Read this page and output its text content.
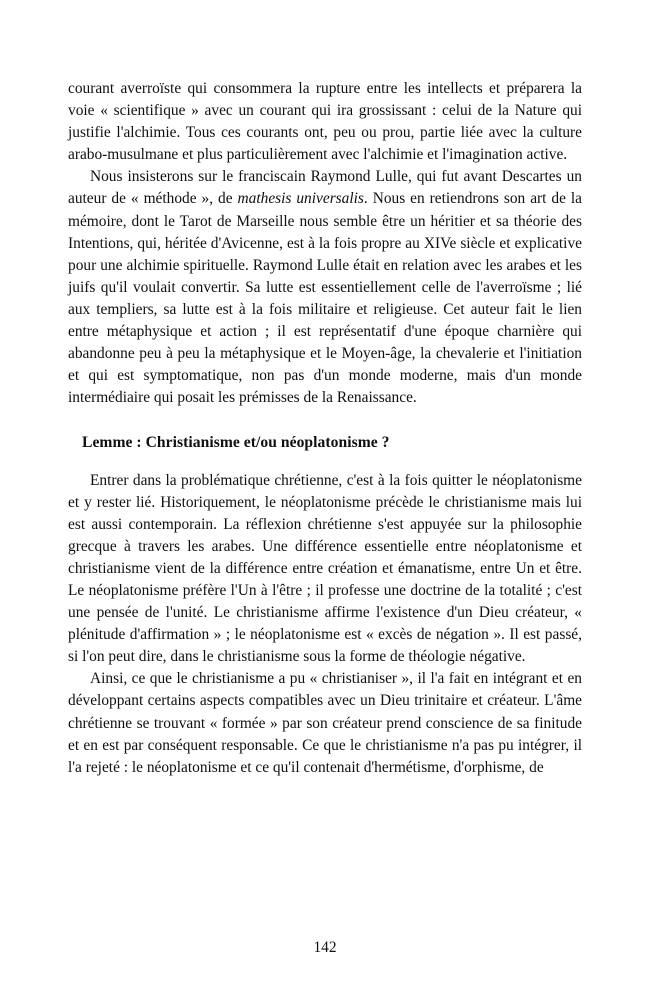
courant averroïste qui consommera la rupture entre les intellects et préparera la voie « scientifique » avec un courant qui ira grossissant : celui de la Nature qui justifie l'alchimie. Tous ces courants ont, peu ou prou, partie liée avec la culture arabo-musulmane et plus particulièrement avec l'alchimie et l'imagination active.

Nous insisterons sur le franciscain Raymond Lulle, qui fut avant Descartes un auteur de « méthode », de mathesis universalis. Nous en retiendrons son art de la mémoire, dont le Tarot de Marseille nous semble être un héritier et sa théorie des Intentions, qui, héritée d'Avicenne, est à la fois propre au XIVe siècle et explicative pour une alchimie spirituelle. Raymond Lulle était en relation avec les arabes et les juifs qu'il voulait convertir. Sa lutte est essentiellement celle de l'averroïsme ; lié aux templiers, sa lutte est à la fois militaire et religieuse. Cet auteur fait le lien entre métaphysique et action ; il est représentatif d'une époque charnière qui abandonne peu à peu la métaphysique et le Moyen-âge, la chevalerie et l'initiation et qui est symptomatique, non pas d'un monde moderne, mais d'un monde intermédiaire qui posait les prémisses de la Renaissance.

Lemme : Christianisme et/ou néoplatonisme ?

Entrer dans la problématique chrétienne, c'est à la fois quitter le néoplatonisme et y rester lié. Historiquement, le néoplatonisme précède le christianisme mais lui est aussi contemporain. La réflexion chrétienne s'est appuyée sur la philosophie grecque à travers les arabes. Une différence essentielle entre néoplatonisme et christianisme vient de la différence entre création et émanatisme, entre Un et être. Le néoplatonisme préfère l'Un à l'être ; il professe une doctrine de la totalité ; c'est une pensée de l'unité. Le christianisme affirme l'existence d'un Dieu créateur, « plénitude d'affirmation » ; le néoplatonisme est « excès de négation ». Il est passé, si l'on peut dire, dans le christianisme sous la forme de théologie négative.

Ainsi, ce que le christianisme a pu « christianiser », il l'a fait en intégrant et en développant certains aspects compatibles avec un Dieu trinitaire et créateur. L'âme chrétienne se trouvant « formée » par son créateur prend conscience de sa finitude et en est par conséquent responsable. Ce que le christianisme n'a pas pu intégrer, il l'a rejeté : le néoplatonisme et ce qu'il contenait d'hermétisme, d'orphisme, de

142
